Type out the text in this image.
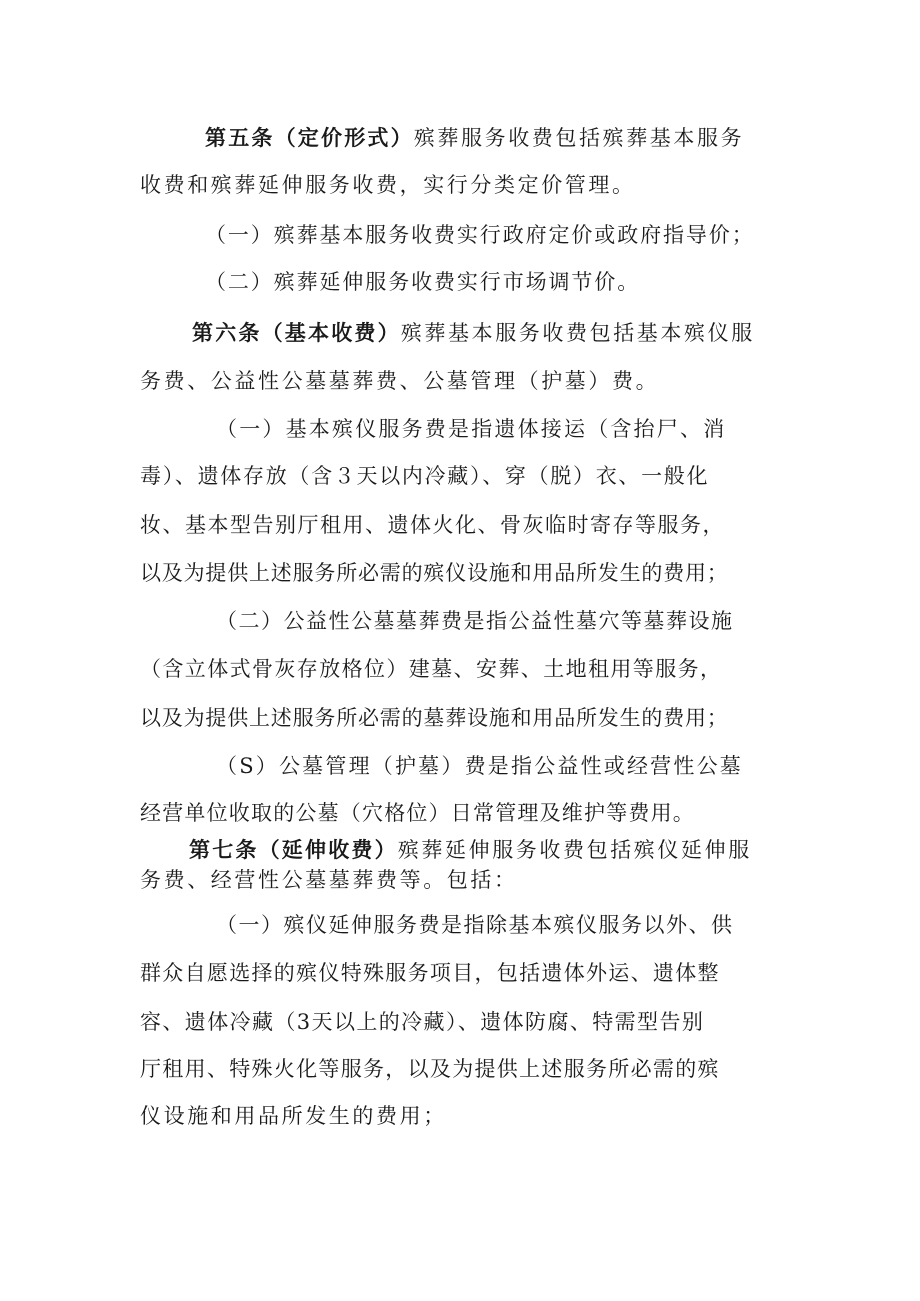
第五条（定价形式）殡葬服务收费包括殡葬基本服务
收费和殡葬延伸服务收费，实行分类定价管理。
（一）殡葬基本服务收费实行政府定价或政府指导价；
（二）殡葬延伸服务收费实行市场调节价。
第六条（基本收费）殡葬基本服务收费包括基本殡仪服
务费、公益性公墓墓葬费、公墓管理（护墓）费。
（一）基本殡仪服务费是指遗体接运（含抬尸、消
毒）、遗体存放（含３天以内冷藏）、穿（脱）衣、一般化
妆、基本型告别厅租用、遗体火化、骨灰临时寄存等服务，
以及为提供上述服务所必需的殡仪设施和用品所发生的费用；
（二）公益性公墓墓葬费是指公益性墓穴等墓葬设施
（含立体式骨灰存放格位）建墓、安葬、土地租用等服务，
以及为提供上述服务所必需的墓葬设施和用品所发生的费用；
（S）公墓管理（护墓）费是指公益性或经营性公墓
经营单位收取的公墓（穴格位）日常管理及维护等费用。
第七条（延伸收费）殡葬延伸服务收费包括殡仪延伸服
务费、经营性公墓墓葬费等。包括：
（一）殡仪延伸服务费是指除基本殡仪服务以外、供
群众自愿选择的殡仪特殊服务项目，包括遗体外运、遗体整
容、遗体冷藏（3天以上的冷藏）、遗体防腐、特需型告别
厅租用、特殊火化等服务，以及为提供上述服务所必需的殡
仪设施和用品所发生的费用；
